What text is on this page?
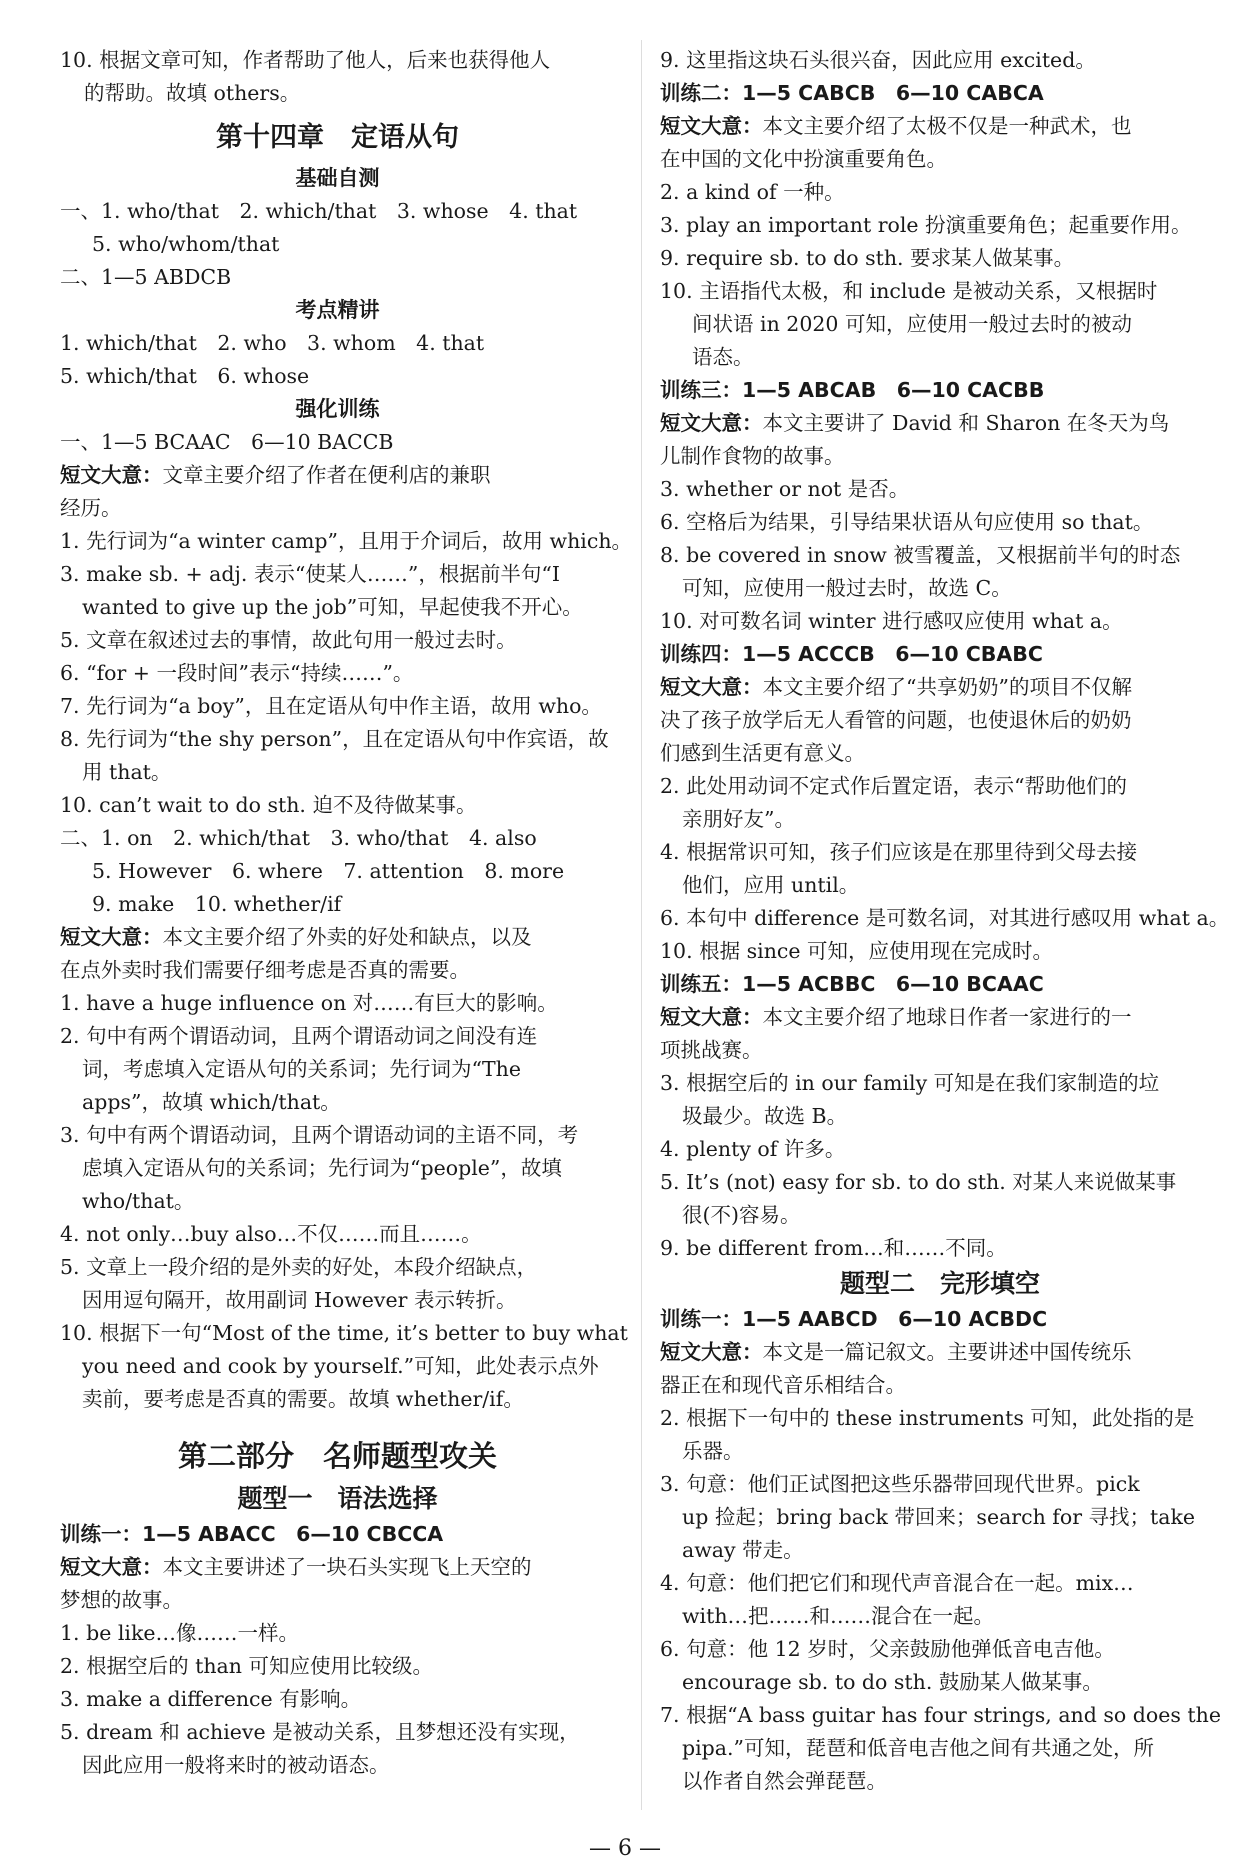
10. 根据文章可知，作者帮助了他人，后来也获得他人

的帮助。故填 others。

第十四章　定语从句
基础自测

一、1. who/that　2. which/that　3. whose　4. that

5. who/whom/that

二、1—5 ABDCB

考点精讲

1. which/that　2. who　3. whom　4. that

5. which/that　6. whose

强化训练

一、1—5 BCAAC　6—10 BACCB

短文大意：文章主要介绍了作者在便利店的兼职

经历。

1. 先行词为“a winter camp”，且用于介词后，故用 which。

3. make sb. + adj. 表示“使某人……”，根据前半句“I

wanted to give up the job”可知，早起使我不开心。

5. 文章在叙述过去的事情，故此句用一般过去时。

6. “for + 一段时间”表示“持续……”。

7. 先行词为“a boy”，且在定语从句中作主语，故用 who。

8. 先行词为“the shy person”，且在定语从句中作宾语，故

用 that。

10. can’t wait to do sth. 迫不及待做某事。

二、1. on　2. which/that　3. who/that　4. also

5. However　6. where　7. attention　8. more

9. make　10. whether/if

短文大意：本文主要介绍了外卖的好处和缺点，以及

在点外卖时我们需要仔细考虑是否真的需要。

1. have a huge influence on 对……有巨大的影响。

2. 句中有两个谓语动词，且两个谓语动词之间没有连

词，考虑填入定语从句的关系词；先行词为“The

apps”，故填 which/that。

3. 句中有两个谓语动词，且两个谓语动词的主语不同，考

虑填入定语从句的关系词；先行词为“people”，故填

who/that。

4. not only…buy also…不仅……而且……。

5. 文章上一段介绍的是外卖的好处，本段介绍缺点，

因用逗句隔开，故用副词 However 表示转折。

10. 根据下一句“Most of the time, it’s better to buy what

you need and cook by yourself.”可知，此处表示点外

卖前，要考虑是否真的需要。故填 whether/if。

第二部分　名师题型攻关
题型一　语法选择

训练一：1—5 ABACC　6—10 CBCCA

短文大意：本文主要讲述了一块石头实现飞上天空的

梦想的故事。

1. be like…像……一样。

2. 根据空后的 than 可知应使用比较级。

3. make a difference 有影响。

5. dream 和 achieve 是被动关系，且梦想还没有实现，

因此应用一般将来时的被动语态。

9. 这里指这块石头很兴奋，因此应用 excited。

训练二：1—5 CABCB　6—10 CABCA

短文大意：本文主要介绍了太极不仅是一种武术，也

在中国的文化中扮演重要角色。

2. a kind of 一种。

3. play an important role 扮演重要角色；起重要作用。

9. require sb. to do sth. 要求某人做某事。

10. 主语指代太极，和 include 是被动关系，又根据时

间状语 in 2020 可知，应使用一般过去时的被动

语态。

训练三：1—5 ABCAB　6—10 CACBB

短文大意：本文主要讲了 David 和 Sharon 在冬天为鸟

儿制作食物的故事。

3. whether or not 是否。

6. 空格后为结果，引导结果状语从句应使用 so that。

8. be covered in snow 被雪覆盖，又根据前半句的时态

可知，应使用一般过去时，故选 C。

10. 对可数名词 winter 进行感叹应使用 what a。

训练四：1—5 ACCCB　6—10 CBABC

短文大意：本文主要介绍了“共享奶奶”的项目不仅解

决了孩子放学后无人看管的问题，也使退休后的奶奶

们感到生活更有意义。

2. 此处用动词不定式作后置定语，表示“帮助他们的

亲朋好友”。

4. 根据常识可知，孩子们应该是在那里待到父母去接

他们，应用 until。

6. 本句中 difference 是可数名词，对其进行感叹用 what a。

10. 根据 since 可知，应使用现在完成时。

训练五：1—5 ACBBC　6—10 BCAAC

短文大意：本文主要介绍了地球日作者一家进行的一

项挑战赛。

3. 根据空后的 in our family 可知是在我们家制造的垃

圾最少。故选 B。

4. plenty of 许多。

5. It’s (not) easy for sb. to do sth. 对某人来说做某事

很(不)容易。

9. be different from…和……不同。

题型二　完形填空

训练一：1—5 AABCD　6—10 ACBDC

短文大意：本文是一篇记叙文。主要讲述中国传统乐

器正在和现代音乐相结合。

2. 根据下一句中的 these instruments 可知，此处指的是

乐器。

3. 句意：他们正试图把这些乐器带回现代世界。pick

up 捡起；bring back 带回来；search for 寻找；take

away 带走。

4. 句意：他们把它们和现代声音混合在一起。mix…

with…把……和……混合在一起。

6. 句意：他 12 岁时，父亲鼓励他弹低音电吉他。

encourage sb. to do sth. 鼓励某人做某事。

7. 根据“A bass guitar has four strings, and so does the

pipa.”可知，琵琶和低音电吉他之间有共通之处，所

以作者自然会弹琵琶。

— 6 —
